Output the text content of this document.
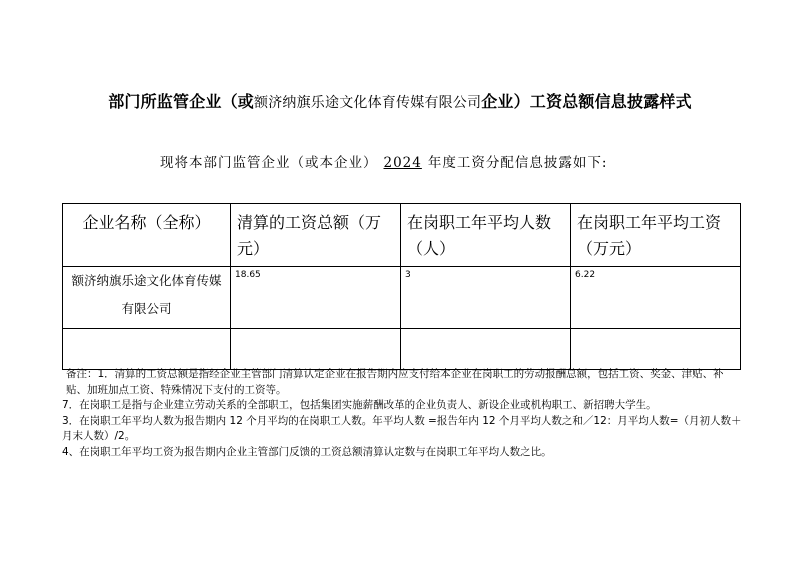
部门所监管企业（或额济纳旗乐途文化体育传媒有限公司企业）工资总额信息披露样式
现将本部门监管企业（或本企业） 2024 年度工资分配信息披露如下:
企业名称（全称）	清算的工资总额（万元）	在岗职工年平均人数（人）	在岗职工年平均工资（万元）
额济纳旗乐途文化体育传媒有限公司	18.65	3	6.22

备注：1．清算的工资总额是指经企业主管部门清算认定企业在报告期内应支付给本企业在岗职工的劳动报酬总额，包括工资、奖金、津贴、补贴、加班加点工资、特殊情况下支付的工资等。

7．在岗职工是指与企业建立劳动关系的全部职工，包括集团实施薪酬改革的企业负责人、新设企业或机构职工、新招聘大学生。

3．在岗职工年平均人数为报告期内 12 个月平均的在岗职工人数。年平均人数 =报告年内 12 个月平均人数之和／12：月平均人数=（月初人数＋月末人数）/2。

4、在岗职工年平均工资为报告期内企业主管部门反馈的工资总额清算认定数与在岗职工年平均人数之比。
